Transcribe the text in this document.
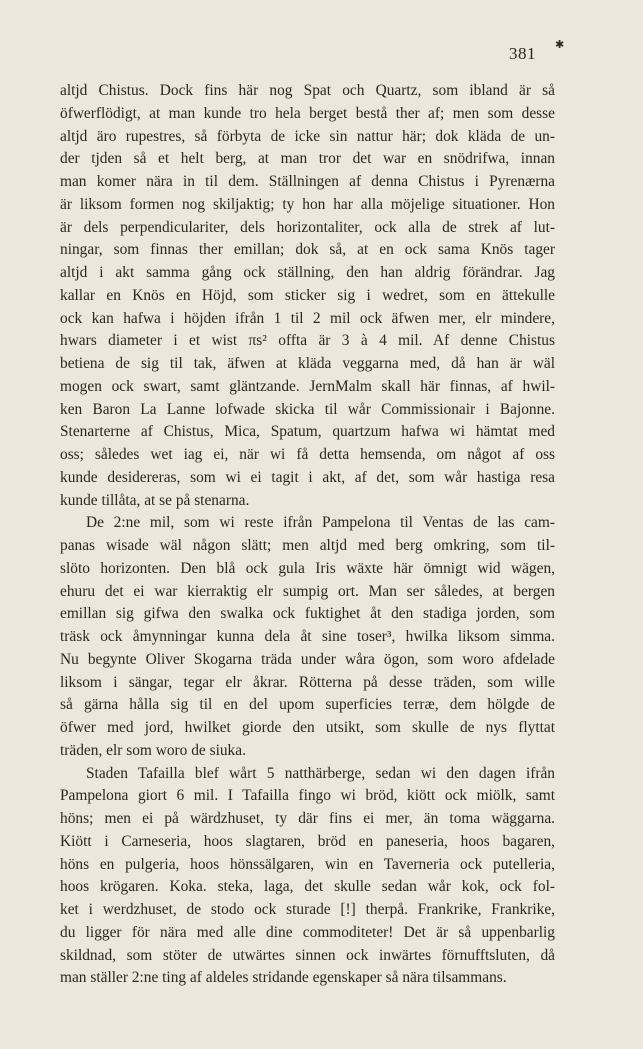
381 ✱
altjd Chistus. Dock fins här nog Spat och Quartz, som ibland är så
öfwerflödigt, at man kunde tro hela berget bestå ther af; men som desse
altjd äro rupestres, så förbyta de icke sin nattur här; dok kläda de un-
der tjden så et helt berg, at man tror det war en snödrifwa, innan
man komer nära in til dem. Ställningen af denna Chistus i Pyrenærna
är liksom formen nog skiljaktig; ty hon har alla möjelige situationer. Hon
är dels perpendiculariter, dels horizontaliter, ock alla de strek af lut-
ningar, som finnas ther emillan; dok så, at en ock sama Knös tager
altjd i akt samma gång ock ställning, den han aldrig förändrar. Jag
kallar en Knös en Höjd, som sticker sig i wedret, som en ättekulle
ock kan hafwa i höjden ifrån 1 til 2 mil ock äfwen mer, elr mindere,
hwars diameter i et wist πs² offta är 3 à 4 mil. Af denne Chistus
betiena de sig til tak, äfwen at kläda veggarna med, då han är wäl
mogen ock swart, samt gläntzande. JernMalm skall här finnas, af hwil-
ken Baron La Lanne lofwade skicka til wår Commissionair i Bajonne.
Stenarterne af Chistus, Mica, Spatum, quartzum hafwa wi hämtat med
oss; således wet iag ei, när wi få detta hemsenda, om något af oss
kunde desidereras, som wi ei tagit i akt, af det, som wår hastiga resa
kunde tillåta, at se på stenarna.
De 2:ne mil, som wi reste ifrån Pampelona til Ventas de las cam-
panas wisade wäl någon slätt; men altjd med berg omkring, som til-
slöto horizonten. Den blå ock gula Iris wäxte här ömnigt wid wägen,
ehuru det ei war kierraktig elr sumpig ort. Man ser således, at bergen
emillan sig gifwa den swalka ock fuktighet åt den stadiga jorden, som
träsk ock åmynningar kunna dela åt sine toser³, hwilka liksom simma.
Nu begynte Oliver Skogarna träda under wåra ögon, som woro afdelade
liksom i sängar, tegar elr åkrar. Rötterna på desse träden, som wille
så gärna hålla sig til en del upom superficies terræ, dem hölgde de
öfwer med jord, hwilket giorde den utsikt, som skulle de nys flyttat
träden, elr som woro de siuka.
Staden Tafailla blef wårt 5 natthärberge, sedan wi den dagen ifrån
Pampelona giort 6 mil. I Tafailla fingo wi bröd, kiött ock miölk, samt
höns; men ei på wärdzhuset, ty där fins ei mer, än toma wäggarna.
Kiött i Carneseria, hoos slagtaren, bröd en paneseria, hoos bagaren,
höns en pulgeria, hoos hönssälgaren, win en Taverneria ock putelleria,
hoos krögaren. Koka. steka, laga, det skulle sedan wår kok, ock fol-
ket i werdzhuset, de stodo ock sturade [!] therpå. Frankrike, Frankrike,
du ligger för nära med alle dine commoditeter! Det är så uppenbarlig
skildnad, som stöter de utwärtes sinnen ock inwärtes förnufftsluten, då
man ställer 2:ne ting af aldeles stridande egenskaper så nära tilsammans.
